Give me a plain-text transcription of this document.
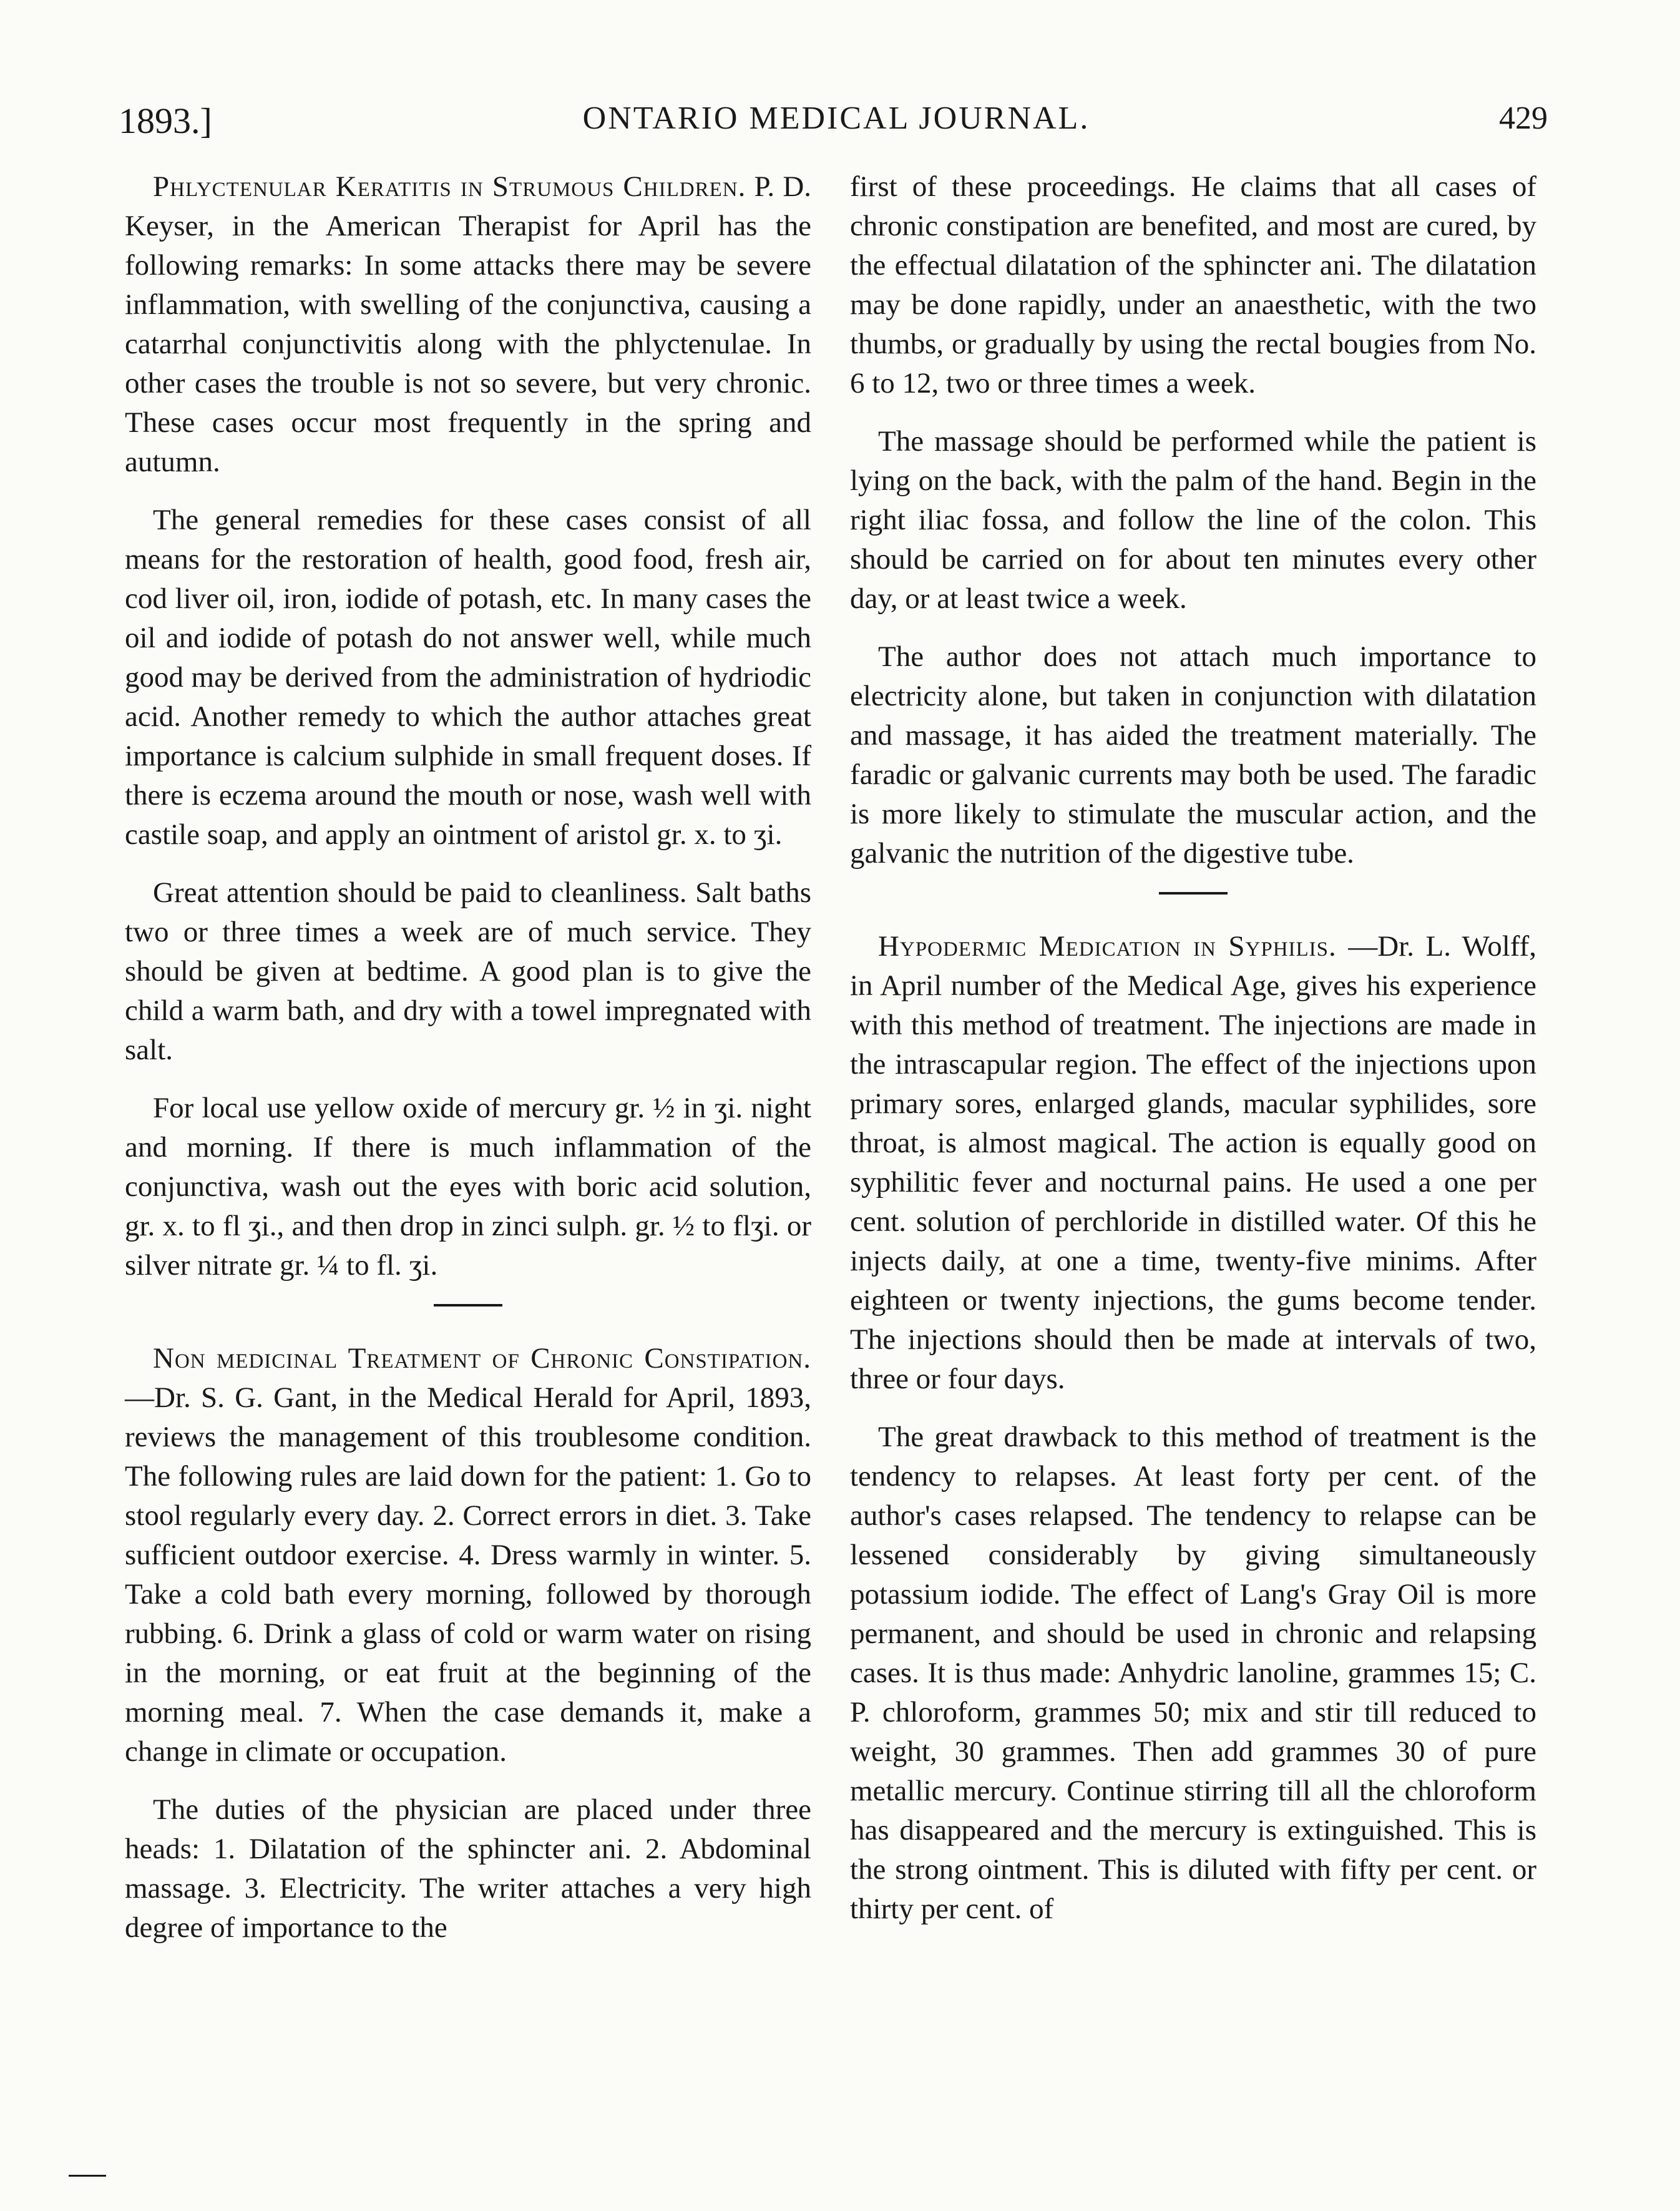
1893.]	ONTARIO MEDICAL JOURNAL.	429

Phlyctenular Keratitis in Strumous Children. P. D. Keyser, in the American Therapist for April has the following remarks: In some attacks there may be severe inflammation, with swelling of the conjunctiva, causing a catarrhal conjunctivitis along with the phlyctenulae. In other cases the trouble is not so severe, but very chronic. These cases occur most frequently in the spring and autumn.

The general remedies for these cases consist of all means for the restoration of health, good food, fresh air, cod liver oil, iron, iodide of potash, etc. In many cases the oil and iodide of potash do not answer well, while much good may be derived from the administration of hydriodic acid. Another remedy to which the author attaches great importance is calcium sulphide in small frequent doses. If there is eczema around the mouth or nose, wash well with castile soap, and apply an ointment of aristol gr. x. to ʒi.

Great attention should be paid to cleanliness. Salt baths two or three times a week are of much service. They should be given at bedtime. A good plan is to give the child a warm bath, and dry with a towel impregnated with salt.

For local use yellow oxide of mercury gr. ½ in ʒi. night and morning. If there is much inflammation of the conjunctiva, wash out the eyes with boric acid solution, gr. x. to fl ʒi., and then drop in zinci sulph. gr. ½ to flʒi. or silver nitrate gr. ¼ to fl. ʒi.

Non medicinal Treatment of Chronic Constipation. —Dr. S. G. Gant, in the Medical Herald for April, 1893, reviews the management of this troublesome condition. The following rules are laid down for the patient: 1. Go to stool regularly every day. 2. Correct errors in diet. 3. Take sufficient outdoor exercise. 4. Dress warmly in winter. 5. Take a cold bath every morning, followed by thorough rubbing. 6. Drink a glass of cold or warm water on rising in the morning, or eat fruit at the beginning of the morning meal. 7. When the case demands it, make a change in climate or occupation.

The duties of the physician are placed under three heads: 1. Dilatation of the sphincter ani. 2. Abdominal massage. 3. Electricity. The writer attaches a very high degree of importance to the

first of these proceedings. He claims that all cases of chronic constipation are benefited, and most are cured, by the effectual dilatation of the sphincter ani. The dilatation may be done rapidly, under an anaesthetic, with the two thumbs, or gradually by using the rectal bougies from No. 6 to 12, two or three times a week.

The massage should be performed while the patient is lying on the back, with the palm of the hand. Begin in the right iliac fossa, and follow the line of the colon. This should be carried on for about ten minutes every other day, or at least twice a week.

The author does not attach much importance to electricity alone, but taken in conjunction with dilatation and massage, it has aided the treatment materially. The faradic or galvanic currents may both be used. The faradic is more likely to stimulate the muscular action, and the galvanic the nutrition of the digestive tube.

Hypodermic Medication in Syphilis. —Dr. L. Wolff, in April number of the Medical Age, gives his experience with this method of treatment. The injections are made in the intrascapular region. The effect of the injections upon primary sores, enlarged glands, macular syphilides, sore throat, is almost magical. The action is equally good on syphilitic fever and nocturnal pains. He used a one per cent. solution of perchloride in distilled water. Of this he injects daily, at one a time, twenty-five minims. After eighteen or twenty injections, the gums become tender. The injections should then be made at intervals of two, three or four days.

The great drawback to this method of treatment is the tendency to relapses. At least forty per cent. of the author's cases relapsed. The tendency to relapse can be lessened considerably by giving simultaneously potassium iodide. The effect of Lang's Gray Oil is more permanent, and should be used in chronic and relapsing cases. It is thus made: Anhydric lanoline, grammes 15; C. P. chloroform, grammes 50; mix and stir till reduced to weight, 30 grammes. Then add grammes 30 of pure metallic mercury. Continue stirring till all the chloroform has disappeared and the mercury is extinguished. This is the strong ointment. This is diluted with fifty per cent. or thirty per cent. of
